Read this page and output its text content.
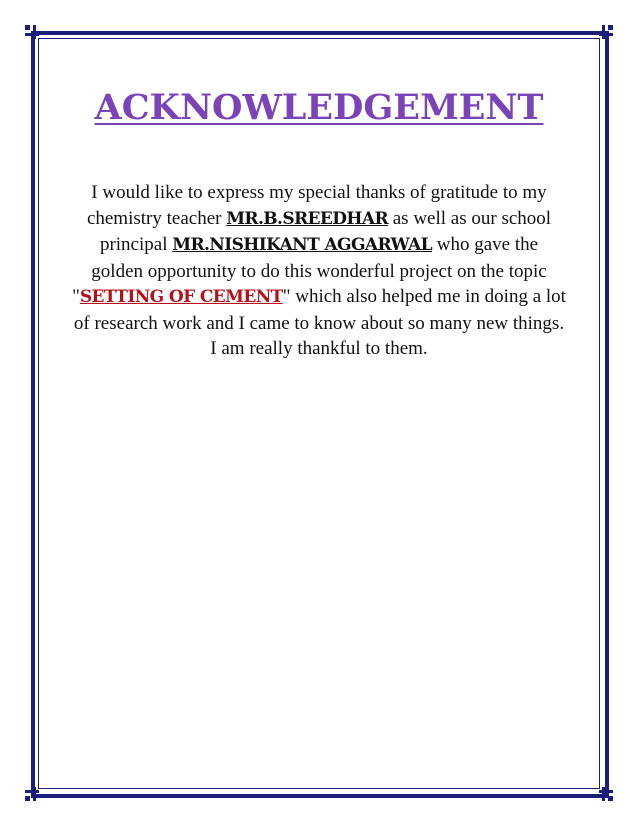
ACKNOWLEDGEMENT
I would like to express my special thanks of gratitude to my chemistry teacher MR.B.SREEDHAR as well as our school principal MR.NISHIKANT AGGARWAL who gave the golden opportunity to do this wonderful project on the topic "SETTING OF CEMENT" which also helped me in doing a lot of research work and I came to know about so many new things. I am really thankful to them.
